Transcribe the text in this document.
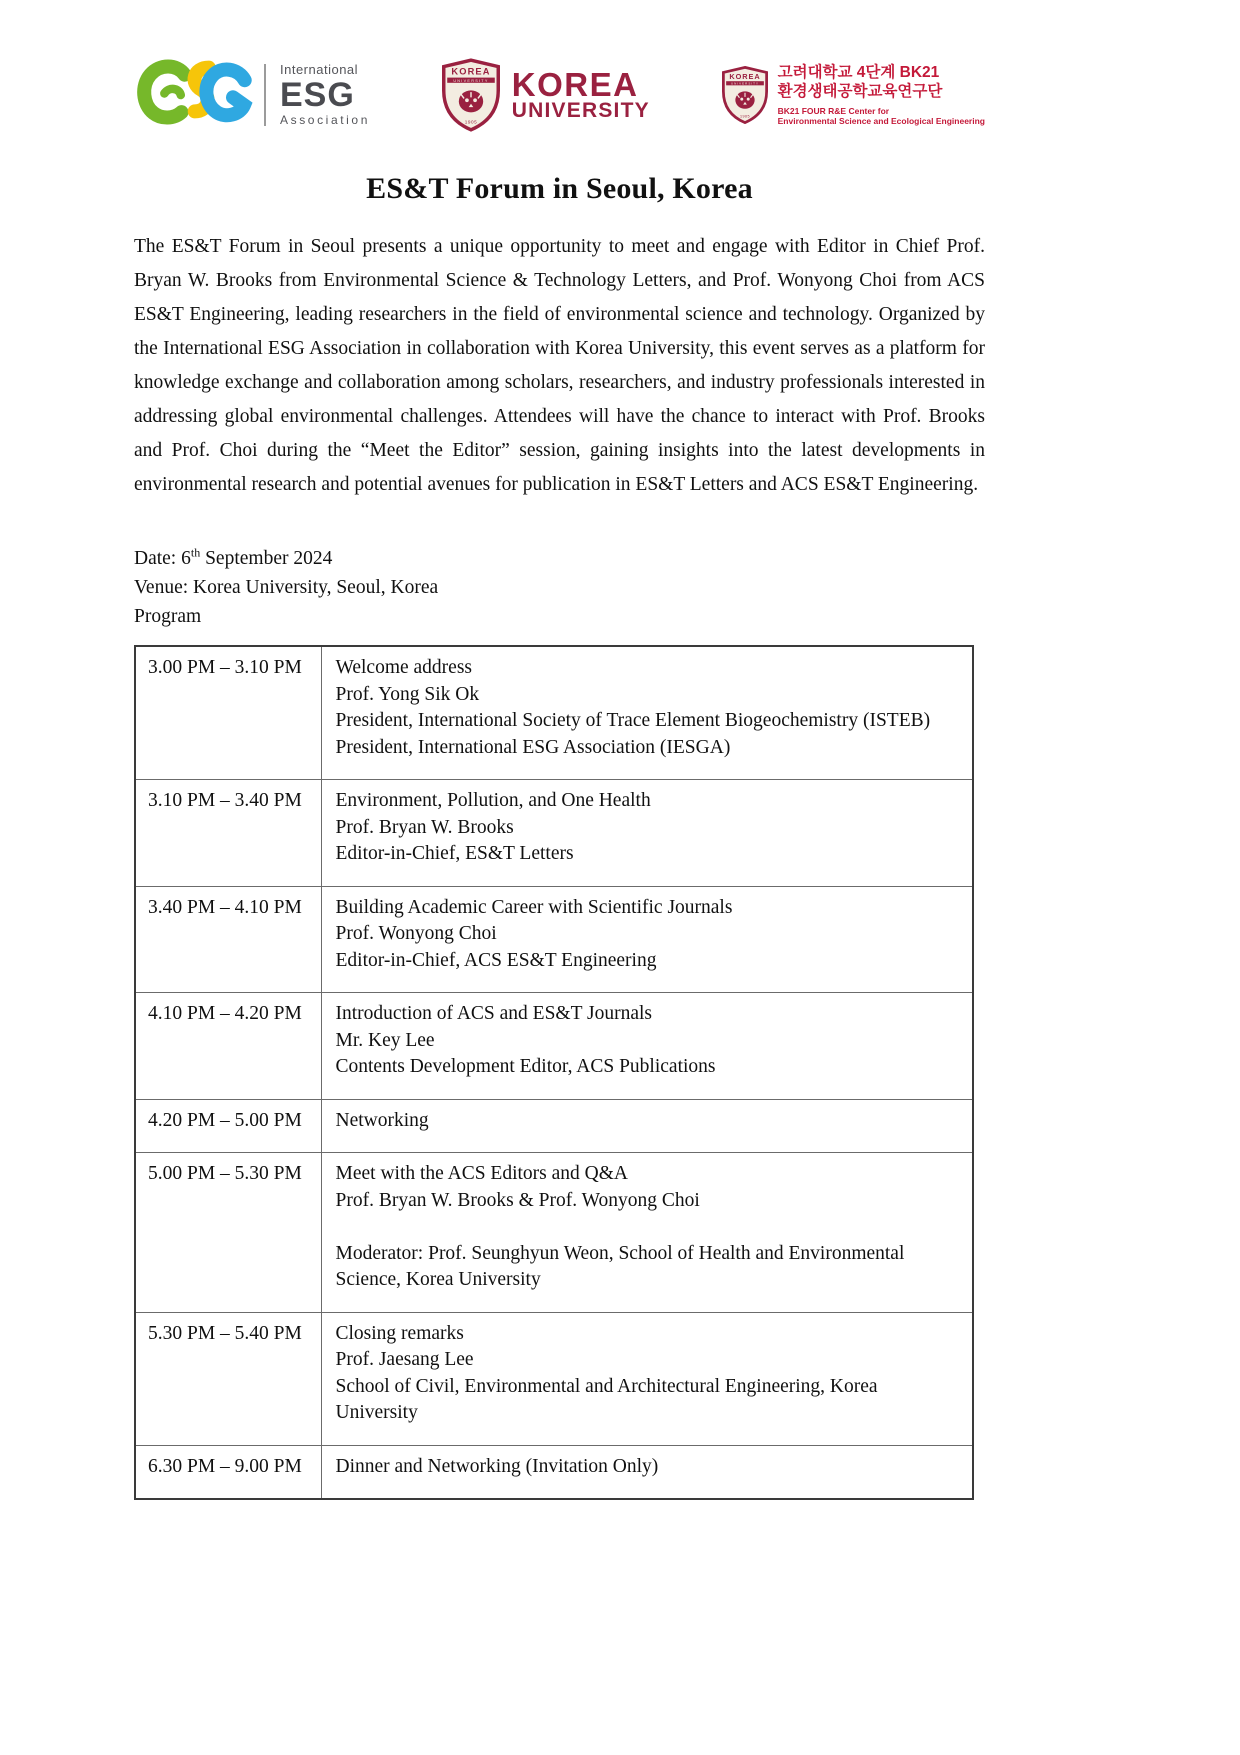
International
ESG
Association
KOREA
UNIVERSITY
1905
KOREA
UNIVERSITY
KOREA
UNIVERSITY
1905
고려대학교 4단계 BK21
환경생태공학교육연구단
BK21 FOUR R&E Center for
Environmental Science and Ecological Engineering
ES&T Forum in Seoul, Korea

The ES&T Forum in Seoul presents a unique opportunity to meet and engage with Editor in Chief Prof. Bryan W. Brooks from Environmental Science & Technology Letters, and Prof. Wonyong Choi from ACS ES&T Engineering, leading researchers in the field of environmental science and technology. Organized by the International ESG Association in collaboration with Korea University, this event serves as a platform for knowledge exchange and collaboration among scholars, researchers, and industry professionals interested in addressing global environmental challenges. Attendees will have the chance to interact with Prof. Brooks and Prof. Choi during the “Meet the Editor” session, gaining insights into the latest developments in environmental research and potential avenues for publication in ES&T Letters and ACS ES&T Engineering.

Date: 6th September 2024
Venue: Korea University, Seoul, Korea
Program
3.00 PM – 3.10 PM	Welcome address
Prof. Yong Sik Ok
President, International Society of Trace Element Biogeochemistry (ISTEB)
President, International ESG Association (IESGA)

3.10 PM – 3.40 PM	Environment, Pollution, and One Health
Prof. Bryan W. Brooks
Editor-in-Chief, ES&T Letters

3.40 PM – 4.10 PM	Building Academic Career with Scientific Journals
Prof. Wonyong Choi
Editor-in-Chief, ACS ES&T Engineering

4.10 PM – 4.20 PM	Introduction of ACS and ES&T Journals
Mr. Key Lee
Contents Development Editor, ACS Publications

4.20 PM – 5.00 PM	Networking

5.00 PM – 5.30 PM	Meet with the ACS Editors and Q&A
Prof. Bryan W. Brooks & Prof. Wonyong Choi

Moderator: Prof. Seunghyun Weon, School of Health and Environmental Science, Korea University

5.30 PM – 5.40 PM	Closing remarks
Prof. Jaesang Lee
School of Civil, Environmental and Architectural Engineering, Korea University

6.30 PM – 9.00 PM	Dinner and Networking (Invitation Only)
